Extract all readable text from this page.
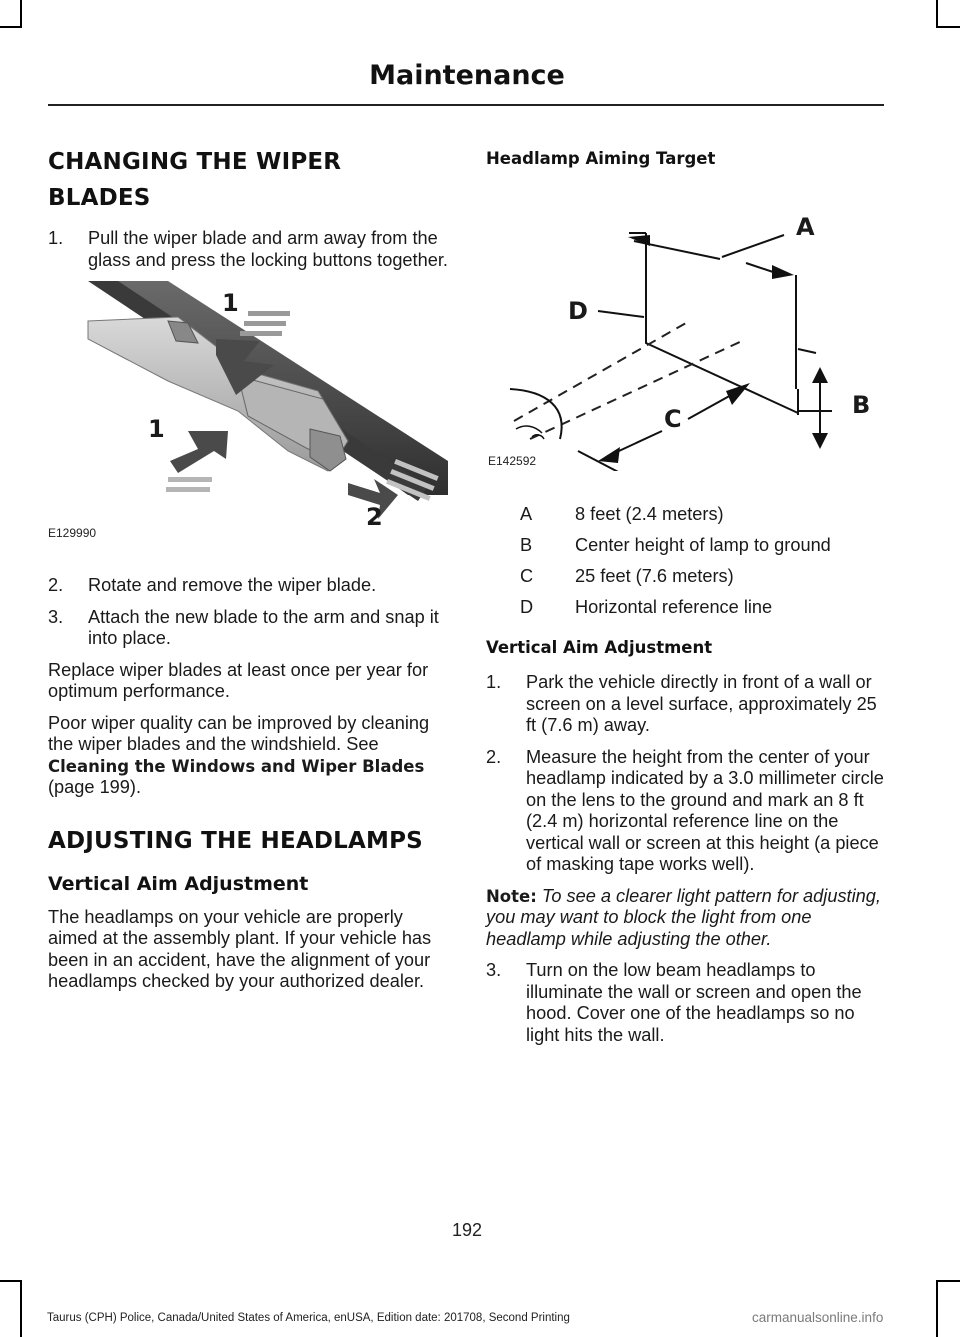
Maintenance
CHANGING THE WIPER
BLADES
1. Pull the wiper blade and arm away from the glass and press the locking buttons together.
1
1
2
E129990
2. Rotate and remove the wiper blade.
3. Attach the new blade to the arm and snap it into place.

Replace wiper blades at least once per year for optimum performance.

Poor wiper quality can be improved by cleaning the wiper blades and the windshield. See Cleaning the Windows and Wiper Blades (page 199).

ADJUSTING THE HEADLAMPS
Vertical Aim Adjustment

The headlamps on your vehicle are properly aimed at the assembly plant. If your vehicle has been in an accident, have the alignment of your headlamps checked by your authorized dealer.

Headlamp Aiming Target
A
D
B
C
E142592
A	8 feet (2.4 meters)
B	Center height of lamp to ground
C	25 feet (7.6 meters)
D	Horizontal reference line
Vertical Aim Adjustment
1. Park the vehicle directly in front of a wall or screen on a level surface, approximately 25 ft (7.6 m) away.
2. Measure the height from the center of your headlamp indicated by a 3.0 millimeter circle on the lens to the ground and mark an 8 ft (2.4 m) horizontal reference line on the vertical wall or screen at this height (a piece of masking tape works well).

Note: To see a clearer light pattern for adjusting, you may want to block the light from one headlamp while adjusting the other.

3. Turn on the low beam headlamps to illuminate the wall or screen and open the hood. Cover one of the headlamps so no light hits the wall.
192
Taurus (CPH) Police, Canada/United States of America, enUSA, Edition date: 201708, Second Printing	carmanualsonline.info
